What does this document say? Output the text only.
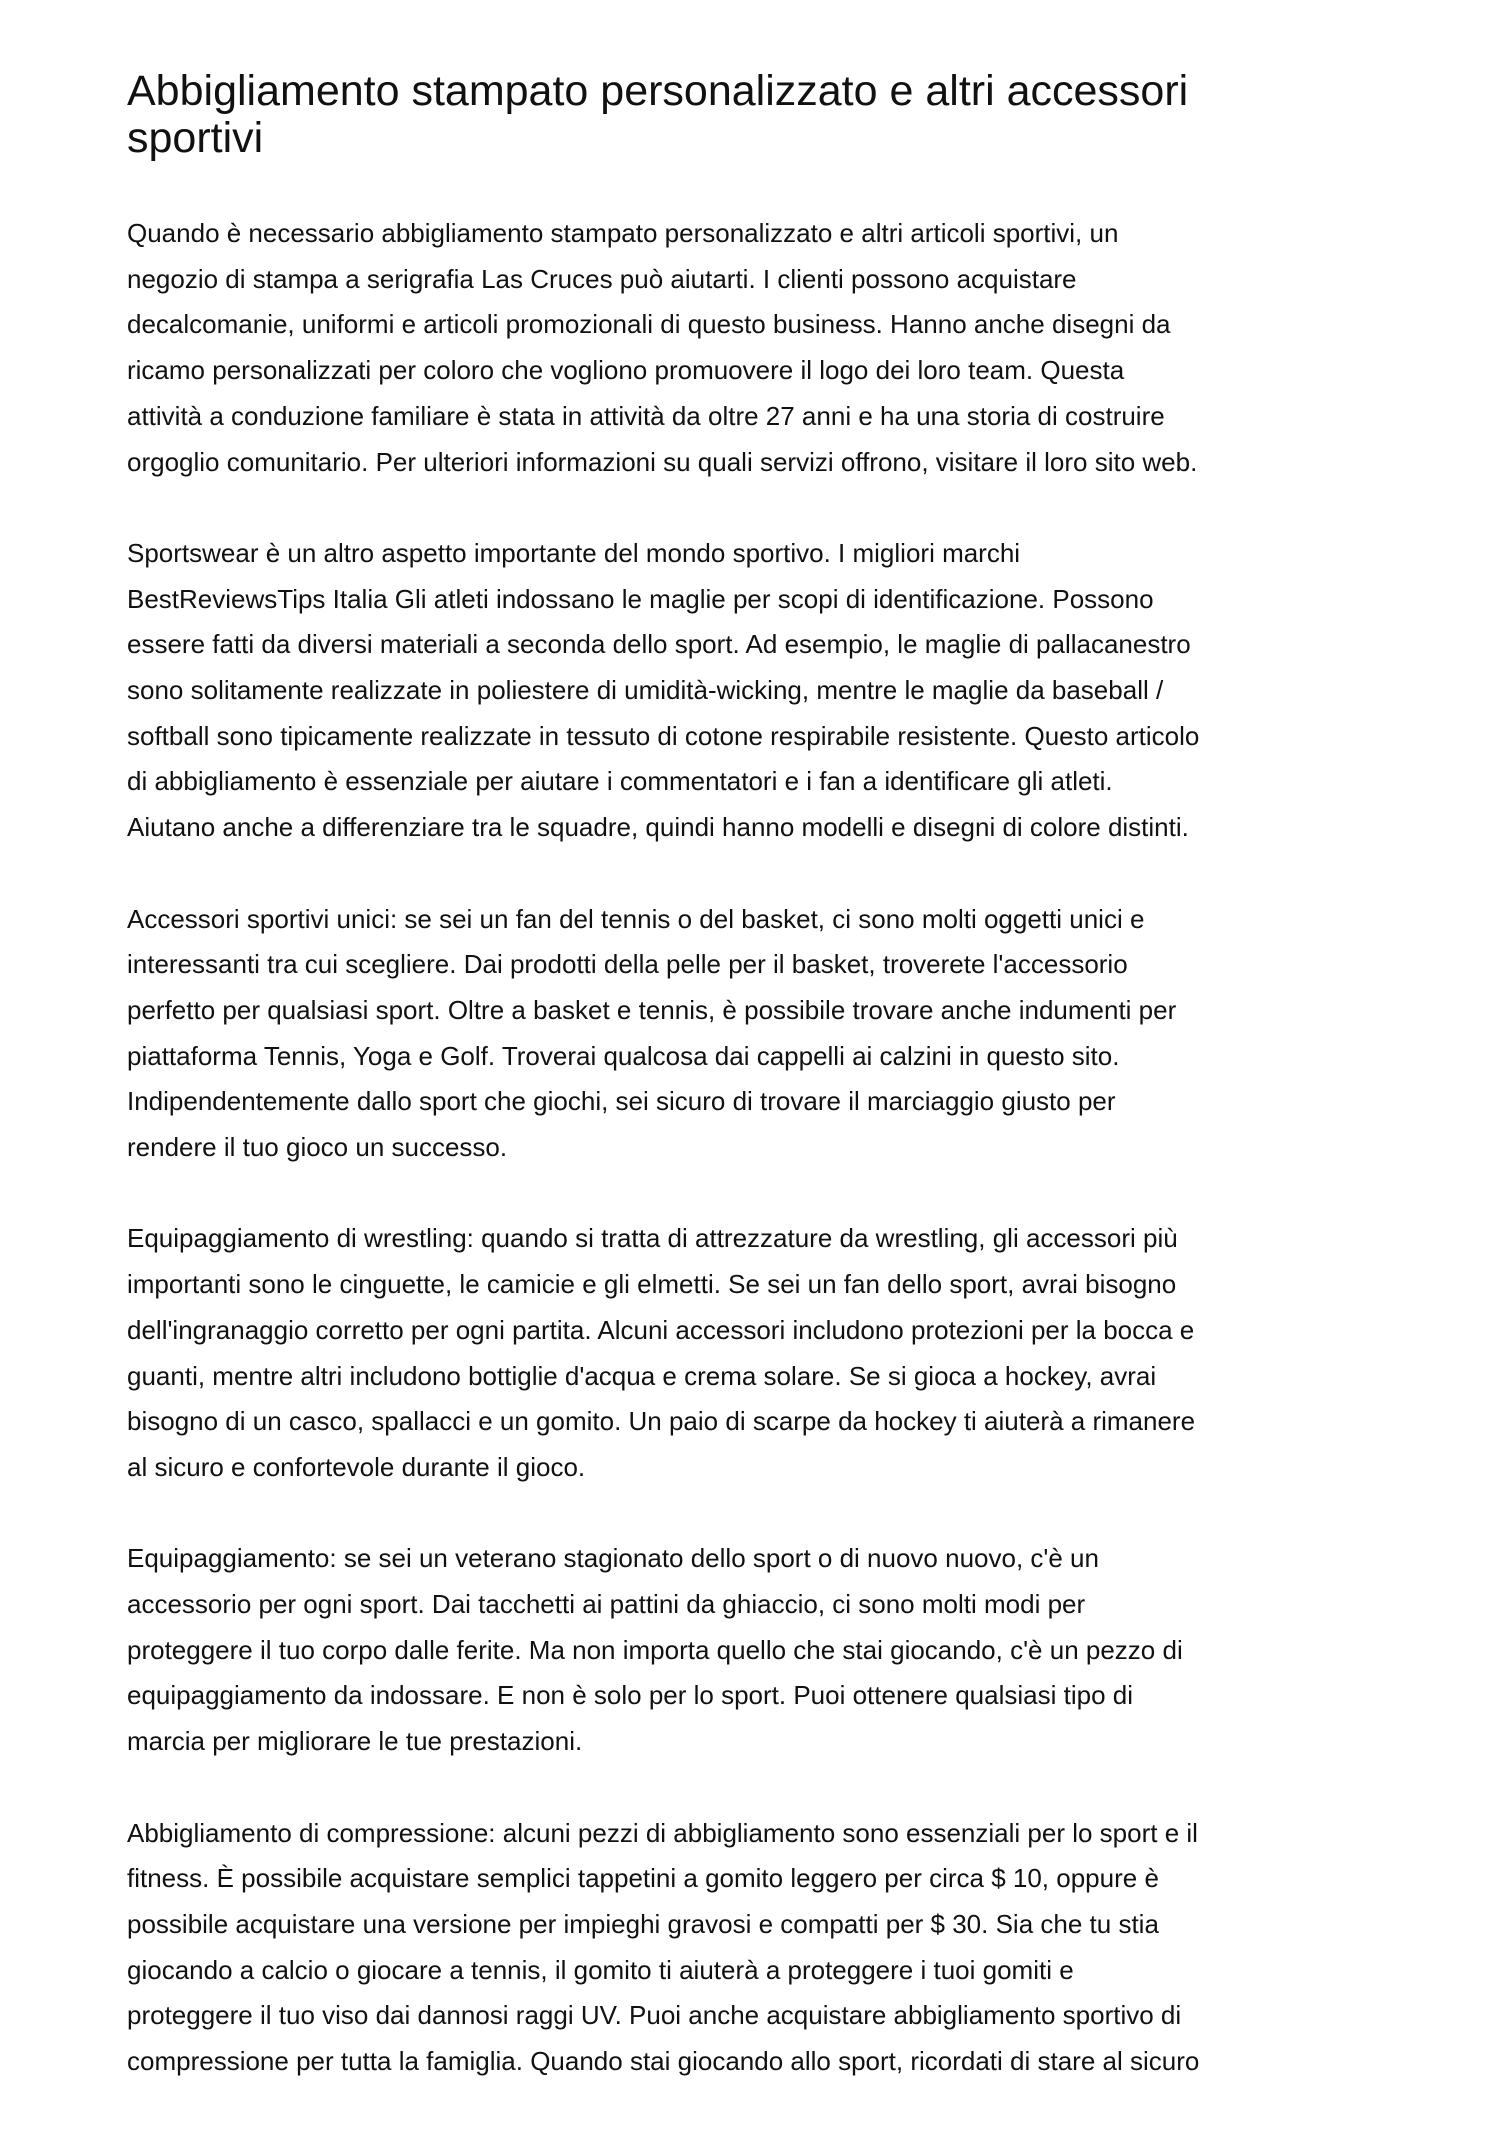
Abbigliamento stampato personalizzato e altri accessori
sportivi

Quando è necessario abbigliamento stampato personalizzato e altri articoli sportivi, un
negozio di stampa a serigrafia Las Cruces può aiutarti. I clienti possono acquistare
decalcomanie, uniformi e articoli promozionali di questo business. Hanno anche disegni da
ricamo personalizzati per coloro che vogliono promuovere il logo dei loro team. Questa
attività a conduzione familiare è stata in attività da oltre 27 anni e ha una storia di costruire
orgoglio comunitario. Per ulteriori informazioni su quali servizi offrono, visitare il loro sito web.

Sportswear è un altro aspetto importante del mondo sportivo. I migliori marchi
BestReviewsTips Italia Gli atleti indossano le maglie per scopi di identificazione. Possono
essere fatti da diversi materiali a seconda dello sport. Ad esempio, le maglie di pallacanestro
sono solitamente realizzate in poliestere di umidità-wicking, mentre le maglie da baseball /
softball sono tipicamente realizzate in tessuto di cotone respirabile resistente. Questo articolo
di abbigliamento è essenziale per aiutare i commentatori e i fan a identificare gli atleti.
Aiutano anche a differenziare tra le squadre, quindi hanno modelli e disegni di colore distinti.

Accessori sportivi unici: se sei un fan del tennis o del basket, ci sono molti oggetti unici e
interessanti tra cui scegliere. Dai prodotti della pelle per il basket, troverete l'accessorio
perfetto per qualsiasi sport. Oltre a basket e tennis, è possibile trovare anche indumenti per
piattaforma Tennis, Yoga e Golf. Troverai qualcosa dai cappelli ai calzini in questo sito.
Indipendentemente dallo sport che giochi, sei sicuro di trovare il marciaggio giusto per
rendere il tuo gioco un successo.

Equipaggiamento di wrestling: quando si tratta di attrezzature da wrestling, gli accessori più
importanti sono le cinguette, le camicie e gli elmetti. Se sei un fan dello sport, avrai bisogno
dell'ingranaggio corretto per ogni partita. Alcuni accessori includono protezioni per la bocca e
guanti, mentre altri includono bottiglie d'acqua e crema solare. Se si gioca a hockey, avrai
bisogno di un casco, spallacci e un gomito. Un paio di scarpe da hockey ti aiuterà a rimanere
al sicuro e confortevole durante il gioco.

Equipaggiamento: se sei un veterano stagionato dello sport o di nuovo nuovo, c'è un
accessorio per ogni sport. Dai tacchetti ai pattini da ghiaccio, ci sono molti modi per
proteggere il tuo corpo dalle ferite. Ma non importa quello che stai giocando, c'è un pezzo di
equipaggiamento da indossare. E non è solo per lo sport. Puoi ottenere qualsiasi tipo di
marcia per migliorare le tue prestazioni.

Abbigliamento di compressione: alcuni pezzi di abbigliamento sono essenziali per lo sport e il
fitness. È possibile acquistare semplici tappetini a gomito leggero per circa $ 10, oppure è
possibile acquistare una versione per impieghi gravosi e compatti per $ 30. Sia che tu stia
giocando a calcio o giocare a tennis, il gomito ti aiuterà a proteggere i tuoi gomiti e
proteggere il tuo viso dai dannosi raggi UV. Puoi anche acquistare abbigliamento sportivo di
compressione per tutta la famiglia. Quando stai giocando allo sport, ricordati di stare al sicuro
